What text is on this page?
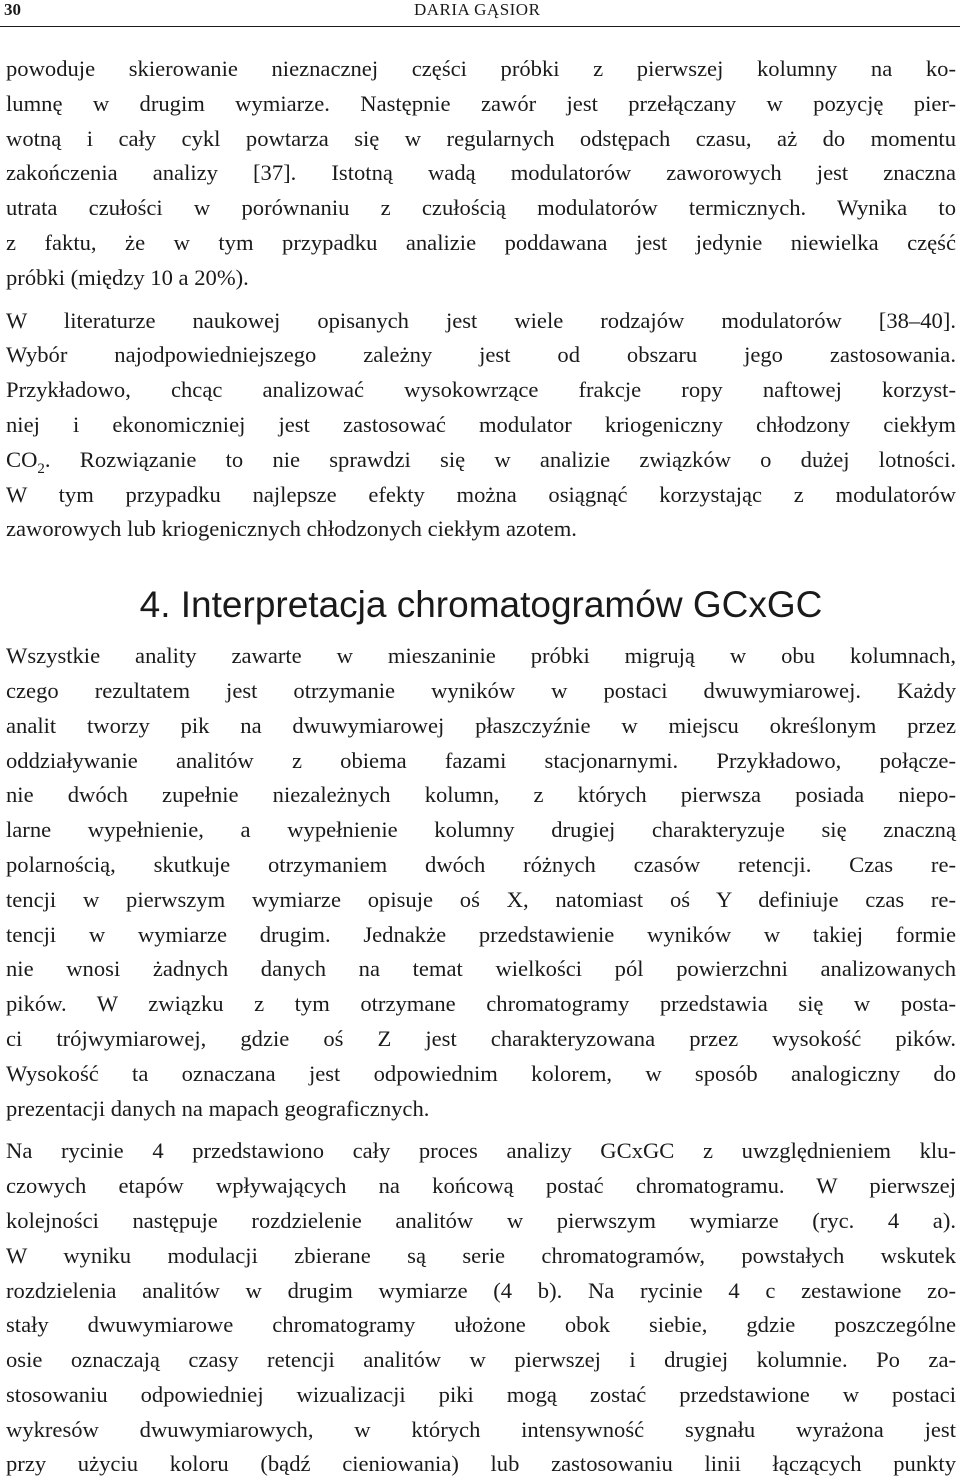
30	DARIA GĄSIOR
powoduje skierowanie nieznacznej części próbki z pierwszej kolumny na ko-
lumnę w drugim wymiarze. Następnie zawór jest przełączany w pozycję pier-
wotną i cały cykl powtarza się w regularnych odstępach czasu, aż do momentu
zakończenia analizy [37]. Istotną wadą modulatorów zaworowych jest znaczna
utrata czułości w porównaniu z czułością modulatorów termicznych. Wynika to
z faktu, że w tym przypadku analizie poddawana jest jedynie niewielka część
próbki (między 10 a 20%).
W literaturze naukowej opisanych jest wiele rodzajów modulatorów [38–40].
Wybór najodpowiedniejszego zależny jest od obszaru jego zastosowania.
Przykładowo, chcąc analizować wysokowrzące frakcje ropy naftowej korzyst-
niej i ekonomiczniej jest zastosować modulator kriogeniczny chłodzony ciekłym
$CO_2$. Rozwiązanie to nie sprawdzi się w analizie związków o dużej lotności.
W tym przypadku najlepsze efekty można osiągnąć korzystając z modulatorów
zaworowych lub kriogenicznych chłodzonych ciekłym azotem.
4. Interpretacja chromatogramów GCxGC
Wszystkie anality zawarte w mieszaninie próbki migrują w obu kolumnach,
czego rezultatem jest otrzymanie wyników w postaci dwuwymiarowej. Każdy
analit tworzy pik na dwuwymiarowej płaszczyźnie w miejscu określonym przez
oddziaływanie analitów z obiema fazami stacjonarnymi. Przykładowo, połącze-
nie dwóch zupełnie niezależnych kolumn, z których pierwsza posiada niepo-
larne wypełnienie, a wypełnienie kolumny drugiej charakteryzuje się znaczną
polarnością, skutkuje otrzymaniem dwóch różnych czasów retencji. Czas re-
tencji w pierwszym wymiarze opisuje oś X, natomiast oś Y definiuje czas re-
tencji w wymiarze drugim. Jednakże przedstawienie wyników w takiej formie
nie wnosi żadnych danych na temat wielkości pól powierzchni analizowanych
pików. W związku z tym otrzymane chromatogramy przedstawia się w posta-
ci trójwymiarowej, gdzie oś Z jest charakteryzowana przez wysokość pików.
Wysokość ta oznaczana jest odpowiednim kolorem, w sposób analogiczny do
prezentacji danych na mapach geograficznych.
Na rycinie 4 przedstawiono cały proces analizy GCxGC z uwzględnieniem klu-
czowych etapów wpływających na końcową postać chromatogramu. W pierwszej
kolejności następuje rozdzielenie analitów w pierwszym wymiarze (ryc. 4 a).
W wyniku modulacji zbierane są serie chromatogramów, powstałych wskutek
rozdzielenia analitów w drugim wymiarze (4 b). Na rycinie 4 c zestawione zo-
stały dwuwymiarowe chromatogramy ułożone obok siebie, gdzie poszczególne
osie oznaczają czasy retencji analitów w pierwszej i drugiej kolumnie. Po za-
stosowaniu odpowiedniej wizualizacji piki mogą zostać przedstawione w postaci
wykresów dwuwymiarowych, w których intensywność sygnału wyrażona jest
przy użyciu koloru (bądź cieniowania) lub zastosowaniu linii łączących punkty
